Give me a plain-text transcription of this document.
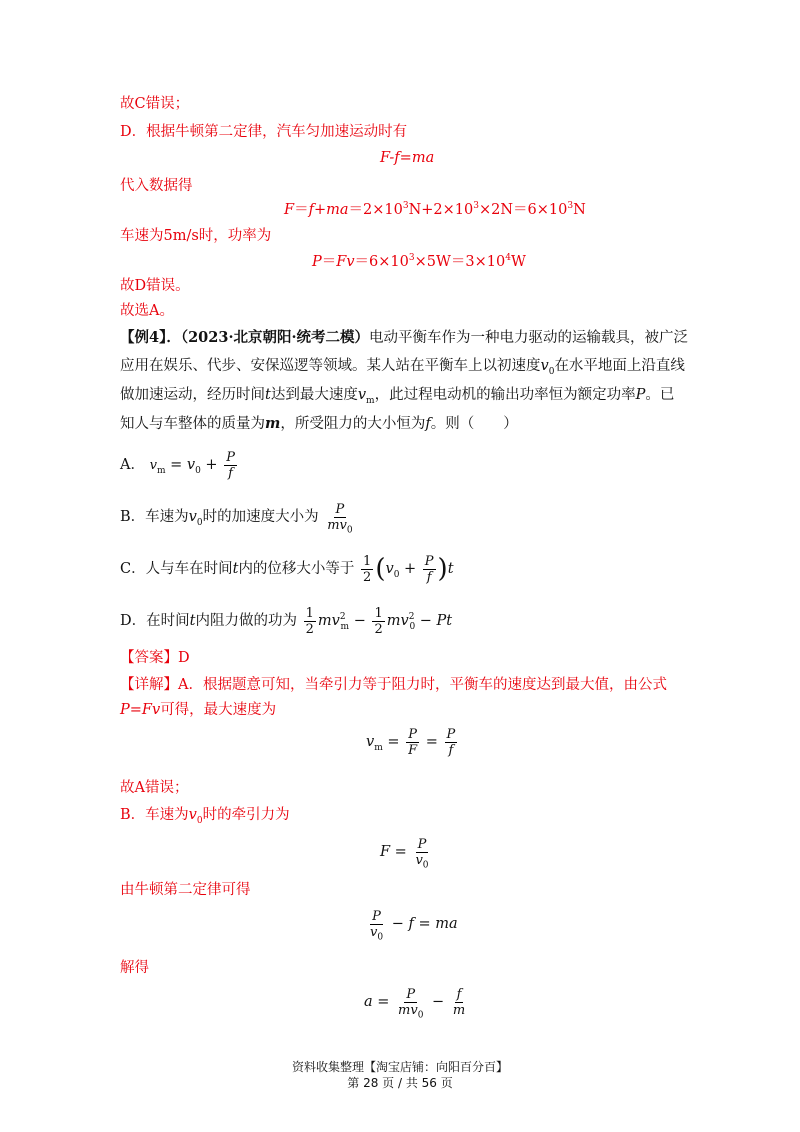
故C错误；
D．根据牛顿第二定律，汽车匀加速运动时有
F-f=ma
代入数据得
$F=f+ma=2\times 10^3N+2\times 10^3\times 2N=6\times 10^3N$
车速为5m/s时，功率为
$P=Fv=6\times 10^3\times 5W=3\times 10^4W$
故D错误。
故选A。
【例4】．（2023·北京朝阳·统考二模）电动平衡车作为一种电力驱动的运输载具，被广泛
应用在娱乐、代步、安保巡逻等领域。某人站在平衡车上以初速度$v_0$在水平地面上沿直线
做加速运动，经历时间t达到最大速度$v_m$，此过程电动机的输出功率恒为额定功率P。已
知人与车整体的质量为m，所受阻力的大小恒为f。则（　　）
A． $v_m = v_0 + \frac{P}{f}$
B．车速为$v_0$时的加速度大小为 $\frac{P}{mv_0}$
C．人与车在时间t内的位移大小等于 $\frac{1}{2} (v_0 + \frac{P}{f} )t$
D．在时间t内阻力做的功为 $\frac{1}{2} mv^2_m - \frac{1}{2} mv^2_0 - Pt$
【答案】D
【详解】A．根据题意可知，当牵引力等于阻力时，平衡车的速度达到最大值，由公式
P=Fv可得，最大速度为
$v_m = \frac{P}{F} = \frac{P}{f}$
故A错误；
B．车速为$v_0$时的牵引力为
$F = \frac{P}{v_0}$
由牛顿第二定律可得
$\frac{P}{v_0} - f$ = ma
解得
$a = \frac{P}{mv_0} - \frac{f}{m}$
资料收集整理【淘宝店铺：向阳百分百】
第 28 页 / 共 56 页
